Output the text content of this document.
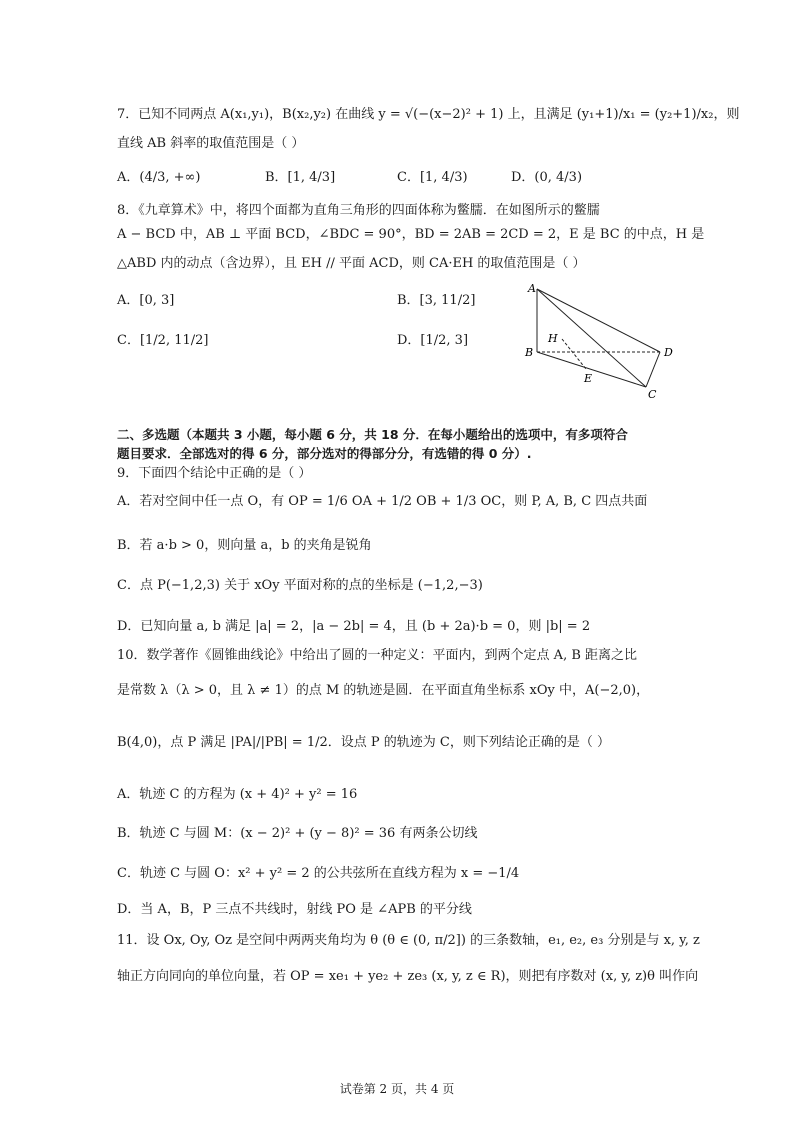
7．已知不同两点 A(x₁,y₁)，B(x₂,y₂) 在曲线 y = √(−(x−2)² + 1) 上，且满足 (y₁+1)/x₁ = (y₂+1)/x₂，则
直线 AB 斜率的取值范围是（ ）
A．(4/3, +∞)	B．[1, 4/3]	C．[1, 4/3)	D．(0, 4/3)
8．《九章算术》中，将四个面都为直角三角形的四面体称为鳖臑．在如图所示的鳖臑
A − BCD 中，AB ⊥ 平面 BCD，∠BDC = 90°，BD = 2AB = 2CD = 2，E 是 BC 的中点，H 是
△ABD 内的动点（含边界），且 EH // 平面 ACD，则 CA·EH 的取值范围是（ ）
A．[0, 3]	B．[3, 11/2]
C．[1/2, 11/2]	D．[1/2, 3]
A
H
B	D
E
C
二、多选题（本题共 3 小题，每小题 6 分，共 18 分．在每小题给出的选项中，有多项符合
题目要求．全部选对的得 6 分，部分选对的得部分分，有选错的得 0 分）.
9．下面四个结论中正确的是（ ）
A．若对空间中任一点 O，有 OP = 1/6 OA + 1/2 OB + 1/3 OC，则 P, A, B, C 四点共面
B．若 a·b > 0，则向量 a，b 的夹角是锐角
C．点 P(−1,2,3) 关于 xOy 平面对称的点的坐标是 (−1,2,−3)
D．已知向量 a, b 满足 |a| = 2，|a − 2b| = 4，且 (b + 2a)·b = 0，则 |b| = 2
10．数学著作《圆锥曲线论》中给出了圆的一种定义：平面内，到两个定点 A, B 距离之比
是常数 λ（λ > 0，且 λ ≠ 1）的点 M 的轨迹是圆．在平面直角坐标系 xOy 中，A(−2,0)，
B(4,0)，点 P 满足 |PA|/|PB| = 1/2．设点 P 的轨迹为 C，则下列结论正确的是（ ）
A．轨迹 C 的方程为 (x + 4)² + y² = 16
B．轨迹 C 与圆 M：(x − 2)² + (y − 8)² = 36 有两条公切线
C．轨迹 C 与圆 O：x² + y² = 2 的公共弦所在直线方程为 x = −1/4
D．当 A，B，P 三点不共线时，射线 PO 是 ∠APB 的平分线
11．设 Ox, Oy, Oz 是空间中两两夹角均为 θ (θ ∈ (0, π/2]) 的三条数轴，e₁, e₂, e₃ 分别是与 x, y, z
轴正方向同向的单位向量，若 OP = xe₁ + ye₂ + ze₃ (x, y, z ∈ R)，则把有序数对 (x, y, z)θ 叫作向
试卷第 2 页，共 4 页
